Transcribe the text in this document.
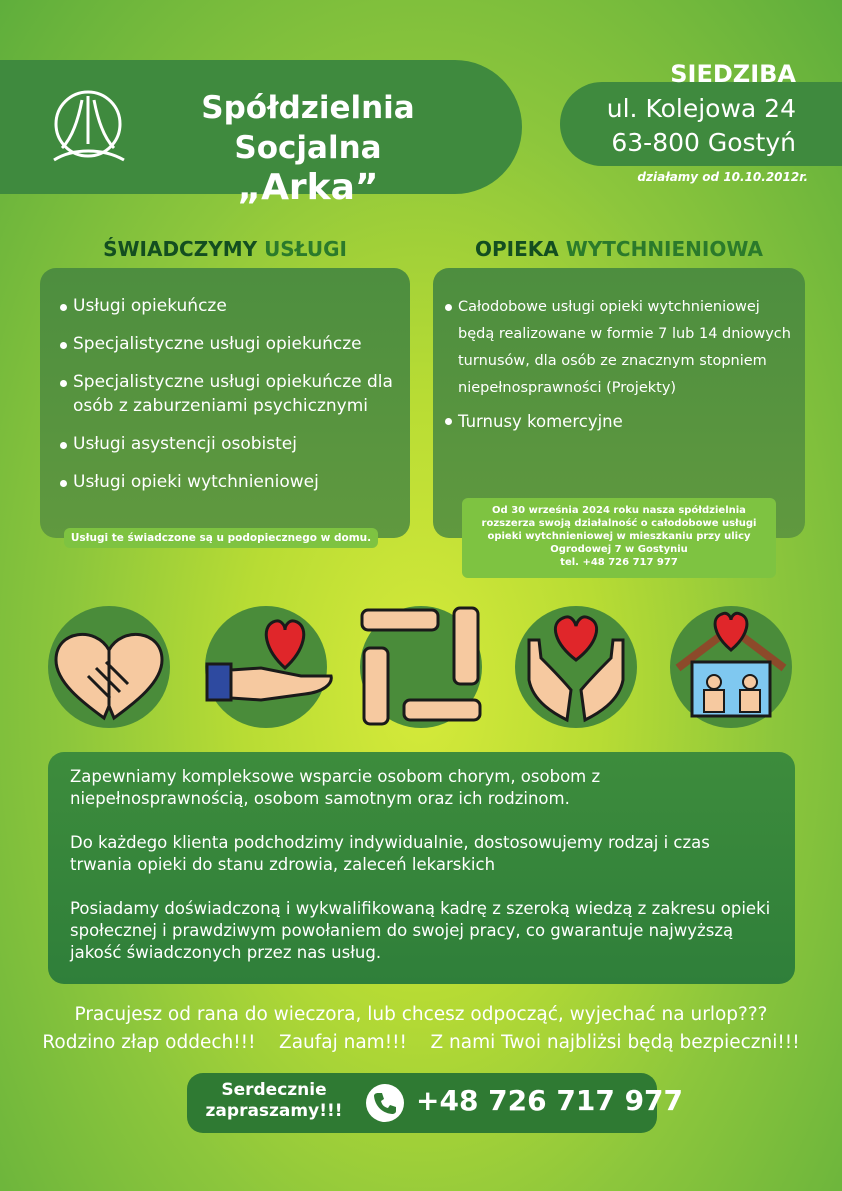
Spółdzielnia Socjalna
„Arka”
SIEDZIBA
ul. Kolejowa 24
63-800 Gostyń
działamy od 10.10.2012r.
ŚWIADCZYMY USŁUGI
Usługi opiekuńcze
Specjalistyczne usługi opiekuńcze
Specjalistyczne usługi opiekuńcze dla osób z zaburzeniami psychicznymi
Usługi asystencji osobistej
Usługi opieki wytchnieniowej
Usługi te świadczone są u podopiecznego w domu.
OPIEKA WYTCHNIENIOWA
Całodobowe usługi opieki wytchnieniowej będą realizowane w formie 7 lub 14 dniowych turnusów, dla osób ze znacznym stopniem niepełnosprawności (Projekty)
Turnusy komercyjne
Od 30 września 2024 roku nasza spółdzielnia rozszerza swoją działalność o całodobowe usługi opieki wytchnieniowej w mieszkaniu przy ulicy Ogrodowej 7 w Gostyniu
tel. +48 726 717 977

Zapewniamy kompleksowe wsparcie osobom chorym, osobom z niepełnosprawnością, osobom samotnym oraz ich rodzinom.

Do każdego klienta podchodzimy indywidualnie, dostosowujemy rodzaj i czas trwania opieki do stanu zdrowia, zaleceń lekarskich

Posiadamy doświadczoną i wykwalifikowaną kadrę z szeroką wiedzą z zakresu opieki społecznej i prawdziwym powołaniem do swojej pracy, co gwarantuje najwyższą jakość świadczonych przez nas usług.

Pracujesz od rana do wieczora, lub chcesz odpocząć, wyjechać na urlop???
Rodzino złap oddech!!!    Zaufaj nam!!!    Z nami Twoi najbliżsi będą bezpieczni!!!
Serdecznie
zapraszamy!!!	+48 726 717 977
